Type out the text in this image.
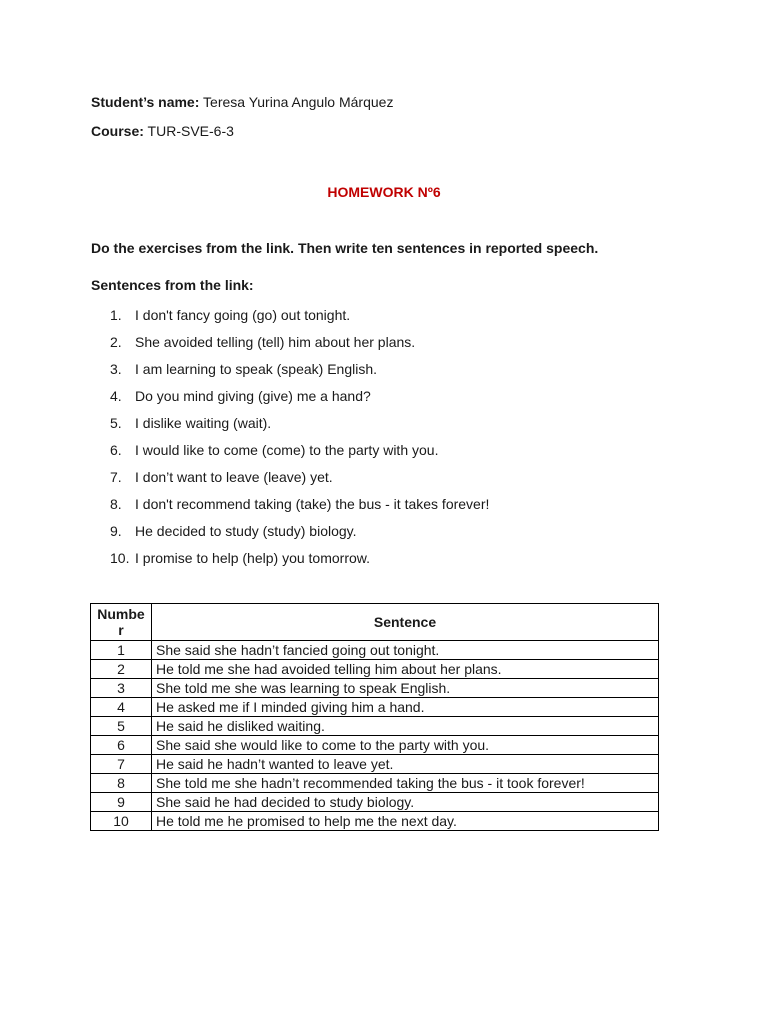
Student’s name: Teresa Yurina Angulo Márquez
Course: TUR-SVE-6-3
HOMEWORK Nº6
Do the exercises from the link. Then write ten sentences in reported speech.
Sentences from the link:
1. I don't fancy going (go) out tonight.
2. She avoided telling (tell) him about her plans.
3. I am learning to speak (speak) English.
4. Do you mind giving (give) me a hand?
5. I dislike waiting (wait).
6. I would like to come (come) to the party with you.
7. I don’t want to leave (leave) yet.
8. I don't recommend taking (take) the bus - it takes forever!
9. He decided to study (study) biology.
10. I promise to help (help) you tomorrow.
Numbe r	Sentence
1	She said she hadn’t fancied going out tonight.
2	He told me she had avoided telling him about her plans.
3	She told me she was learning to speak English.
4	He asked me if I minded giving him a hand.
5	He said he disliked waiting.
6	She said she would like to come to the party with you.
7	He said he hadn’t wanted to leave yet.
8	She told me she hadn’t recommended taking the bus - it took forever!
9	She said he had decided to study biology.
10	He told me he promised to help me the next day.
